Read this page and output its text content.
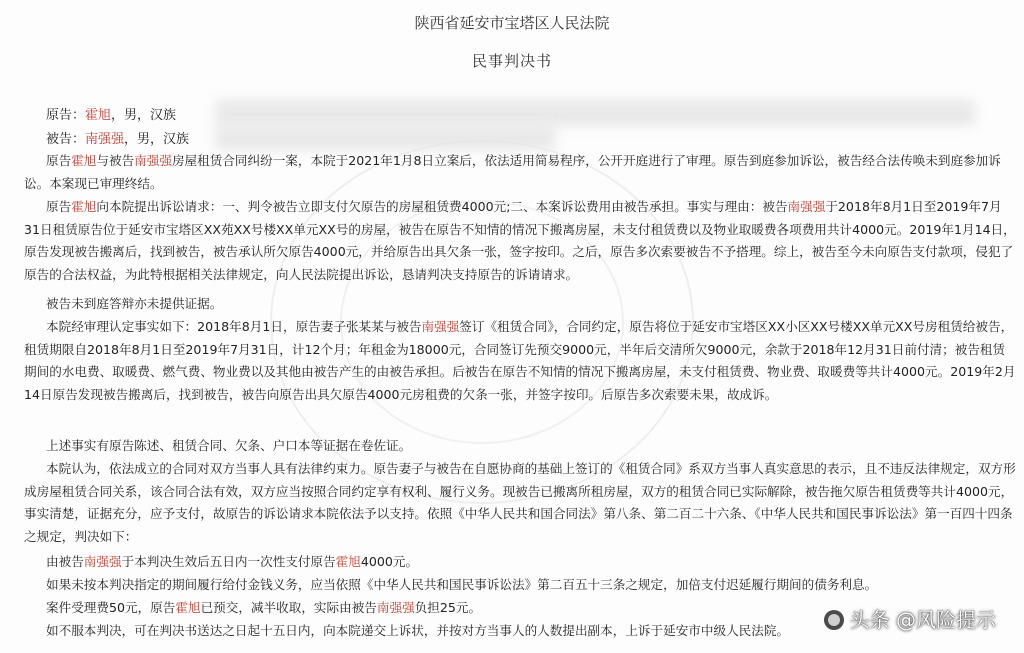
陕西省延安市宝塔区人民法院
民事判决书
原告：霍旭，男，汉族
被告：南强强，男，汉族

原告霍旭与被告南强强房屋租赁合同纠纷一案，本院于2021年1月8日立案后，依法适用简易程序，公开开庭进行了审理。原告到庭参加诉讼，被告经合法传唤未到庭参加诉讼。本案现已审理终结。

原告霍旭向本院提出诉讼请求：一、判令被告立即支付欠原告的房屋租赁费4000元;二、本案诉讼费用由被告承担。事实与理由：被告南强强于2018年8月1日至2019年7月31日租赁原告位于延安市宝塔区XX苑XX号楼XX单元XX号的房屋，被告在原告不知情的情况下搬离房屋，未支付租赁费以及物业取暖费各项费用共计4000元。2019年1月14日，原告发现被告搬离后，找到被告，被告承认所欠原告4000元，并给原告出具欠条一张，签字按印。之后，原告多次索要被告不予搭理。综上，被告至今未向原告支付款项，侵犯了原告的合法权益，为此特根据相关法律规定，向人民法院提出诉讼，恳请判决支持原告的诉请请求。

被告未到庭答辩亦未提供证据。

本院经审理认定事实如下：2018年8月1日，原告妻子张某某与被告南强强签订《租赁合同》，合同约定，原告将位于延安市宝塔区XX小区XX号楼XX单元XX号房租赁给被告，租赁期限自2018年8月1日至2019年7月31日，计12个月；年租金为18000元，合同签订先预交9000元，半年后交清所欠9000元，余款于2018年12月31日前付清；被告租赁期间的水电费、取暖费、燃气费、物业费以及其他由被告产生的由被告承担。后被告在原告不知情的情况下搬离房屋，未支付租赁费、物业费、取暖费等共计4000元。2019年2月14日原告发现被告搬离后，找到被告，被告向原告出具欠原告4000元房租费的欠条一张，并签字按印。后原告多次索要未果，故成诉。

上述事实有原告陈述、租赁合同、欠条、户口本等证据在卷佐证。

本院认为，依法成立的合同对双方当事人具有法律约束力。原告妻子与被告在自愿协商的基础上签订的《租赁合同》系双方当事人真实意思的表示，且不违反法律规定，双方形成房屋租赁合同关系，该合同合法有效，双方应当按照合同约定享有权利、履行义务。现被告已搬离所租房屋，双方的租赁合同已实际解除，被告拖欠原告租赁费等共计4000元，事实清楚，证据充分，应予支付，故原告的诉讼请求本院依法予以支持。依照《中华人民共和国合同法》第八条、第二百二十六条、《中华人民共和国民事诉讼法》第一百四十四条之规定，判决如下：

由被告南强强于本判决生效后五日内一次性支付原告霍旭4000元。

如果未按本判决指定的期间履行给付金钱义务，应当依照《中华人民共和国民事诉讼法》第二百五十三条之规定，加倍支付迟延履行期间的债务利息。

案件受理费50元，原告霍旭已预交，减半收取，实际由被告南强强负担25元。

如不服本判决，可在判决书送达之日起十五日内，向本院递交上诉状，并按对方当事人的人数提出副本，上诉于延安市中级人民法院。	头条 @风险提示
